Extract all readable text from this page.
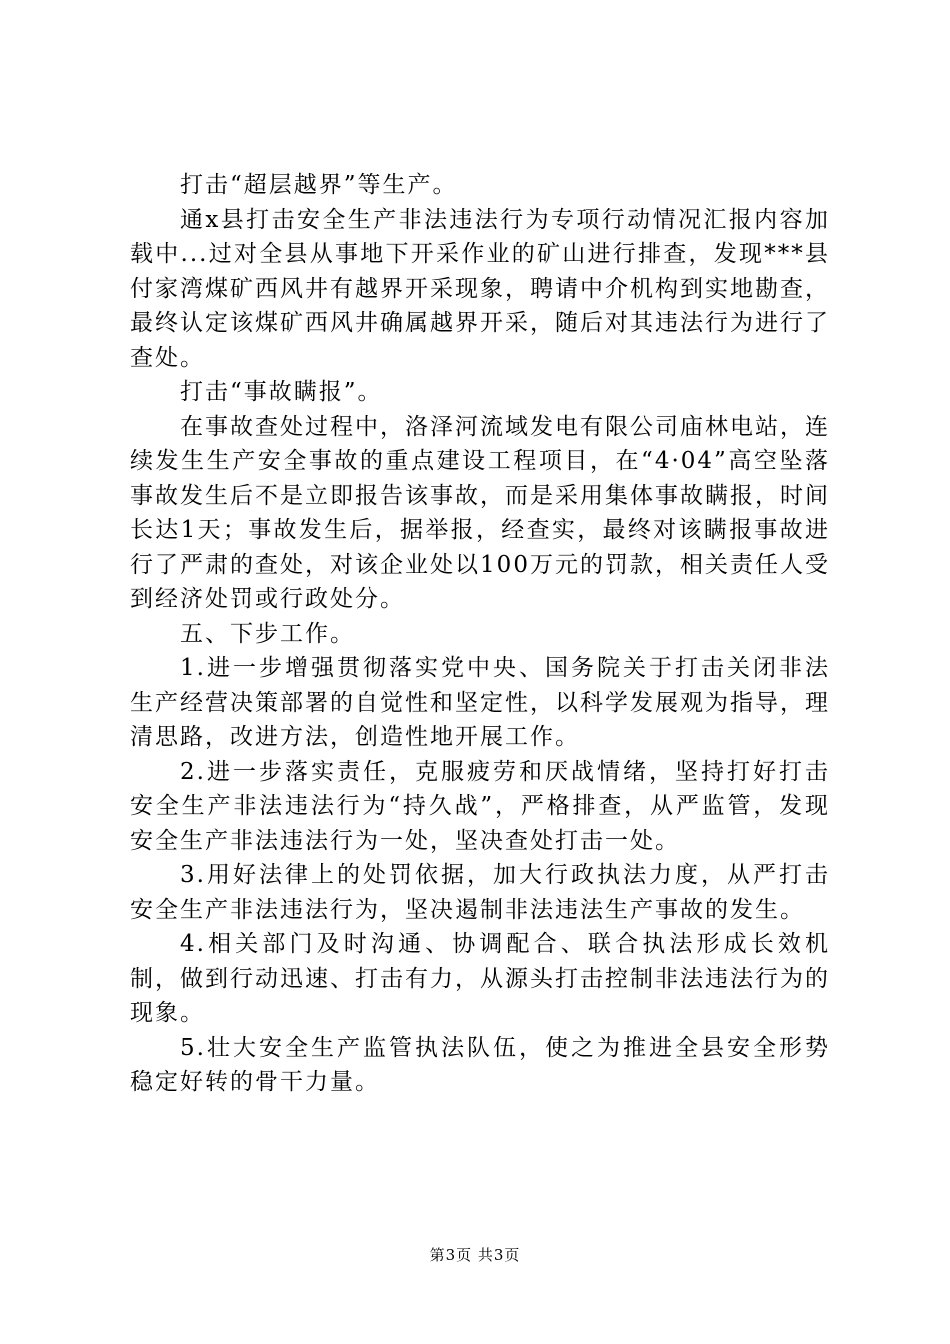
打击“超层越界”等生产。

通x县打击安全生产非法违法行为专项行动情况汇报内容加载中...过对全县从事地下开采作业的矿山进行排查，发现***县付家湾煤矿西风井有越界开采现象，聘请中介机构到实地勘查，最终认定该煤矿西风井确属越界开采，随后对其违法行为进行了查处。

打击“事故瞒报”。

在事故查处过程中，洛泽河流域发电有限公司庙林电站，连续发生生产安全事故的重点建设工程项目，在“4·04”高空坠落事故发生后不是立即报告该事故，而是采用集体事故瞒报，时间长达1天；事故发生后，据举报，经查实，最终对该瞒报事故进行了严肃的查处，对该企业处以100万元的罚款，相关责任人受到经济处罚或行政处分。

五、下步工作。

1.进一步增强贯彻落实党中央、国务院关于打击关闭非法生产经营决策部署的自觉性和坚定性，以科学发展观为指导，理清思路，改进方法，创造性地开展工作。

2.进一步落实责任，克服疲劳和厌战情绪，坚持打好打击安全生产非法违法行为“持久战”，严格排查，从严监管，发现安全生产非法违法行为一处，坚决查处打击一处。

3.用好法律上的处罚依据，加大行政执法力度，从严打击安全生产非法违法行为，坚决遏制非法违法生产事故的发生。

4.相关部门及时沟通、协调配合、联合执法形成长效机制，做到行动迅速、打击有力，从源头打击控制非法违法行为的现象。

5.壮大安全生产监管执法队伍，使之为推进全县安全形势稳定好转的骨干力量。

第3页 共3页
